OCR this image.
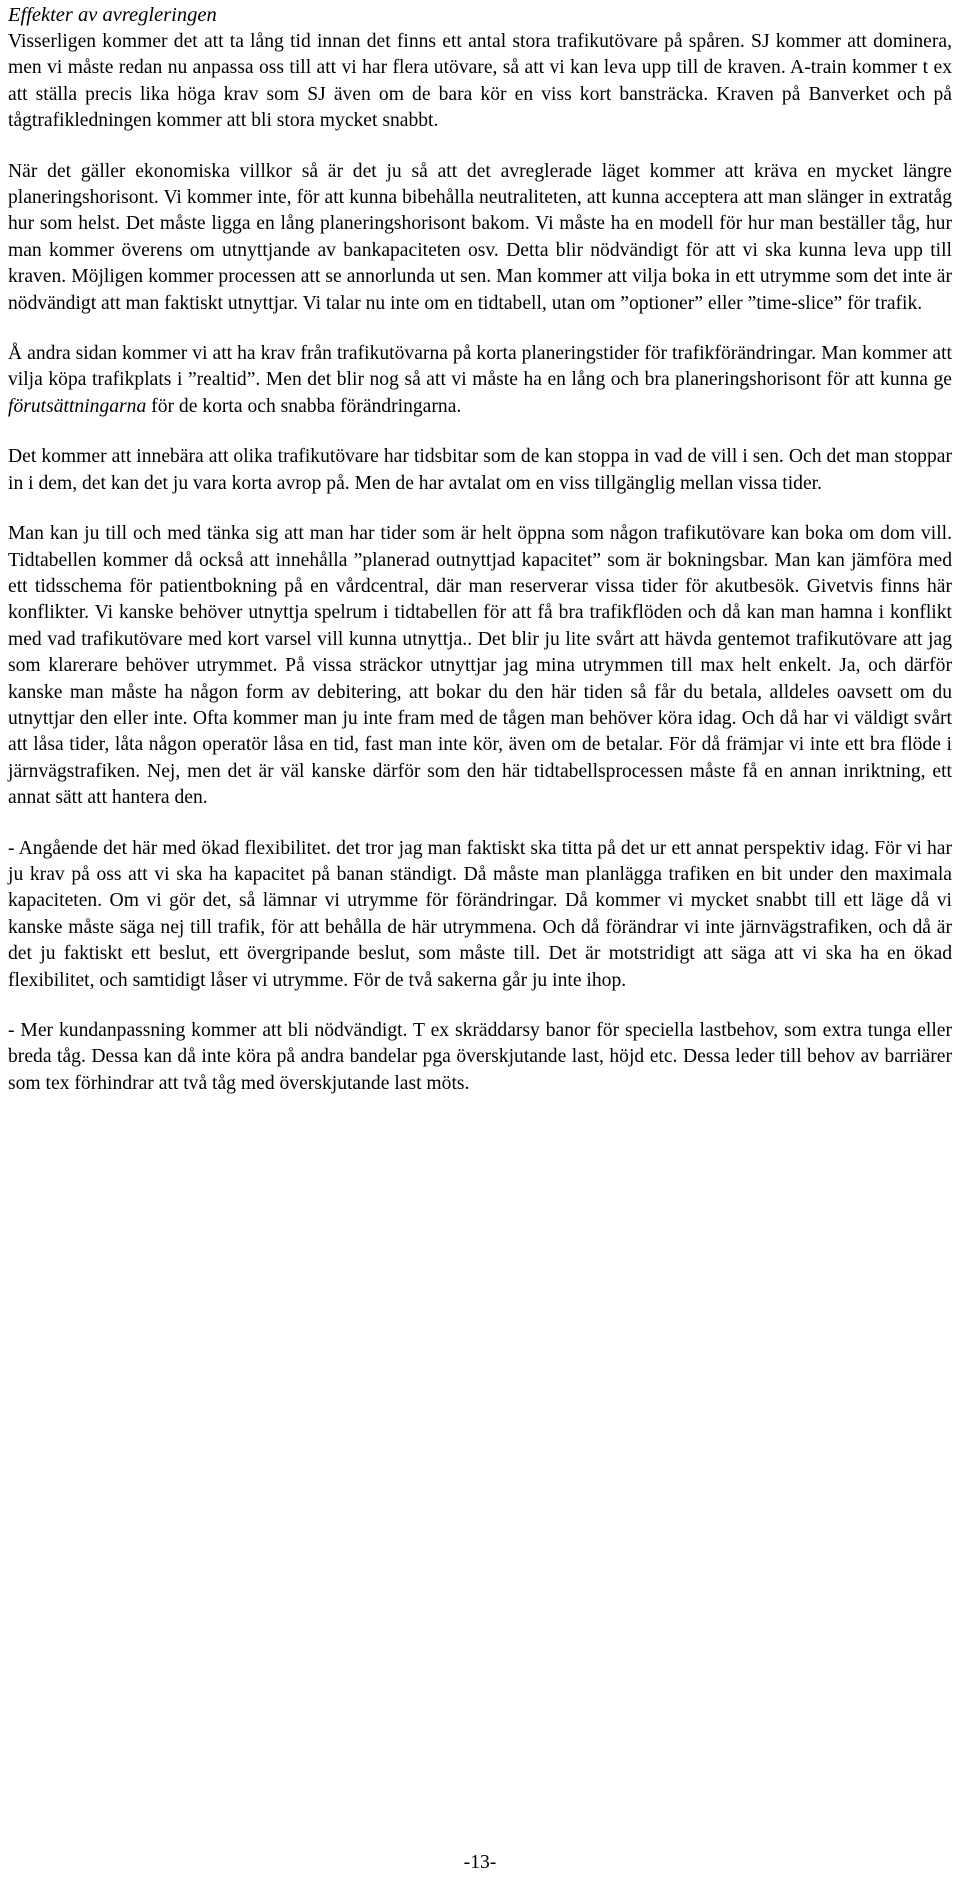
Effekter av avregleringen

Visserligen kommer det att ta lång tid innan det finns ett antal stora trafikutövare på spåren. SJ kommer att dominera, men vi måste redan nu anpassa oss till att vi har flera utövare, så att vi kan leva upp till de kraven. A-train kommer t ex att ställa precis lika höga krav som SJ även om de bara kör en viss kort bansträcka. Kraven på Banverket och på tågtrafikledningen kommer att bli stora mycket snabbt.

När det gäller ekonomiska villkor så är det ju så att det avreglerade läget kommer att kräva en mycket längre planeringshorisont. Vi kommer inte, för att kunna bibehålla neutraliteten, att kunna acceptera att man slänger in extratåg hur som helst. Det måste ligga en lång planeringshorisont bakom. Vi måste ha en modell för hur man beställer tåg, hur man kommer överens om utnyttjande av bankapaciteten osv. Detta blir nödvändigt för att vi ska kunna leva upp till kraven. Möjligen kommer processen att se annorlunda ut sen. Man kommer att vilja boka in ett utrymme som det inte är nödvändigt att man faktiskt utnyttjar. Vi talar nu inte om en tidtabell, utan om ”optioner” eller ”time-slice” för trafik.

Å andra sidan kommer vi att ha krav från trafikutövarna på korta planeringstider för trafikförändringar. Man kommer att vilja köpa trafikplats i ”realtid”. Men det blir nog så att vi måste ha en lång och bra planeringshorisont för att kunna ge förutsättningarna för de korta och snabba förändringarna.

Det kommer att innebära att olika trafikutövare har tidsbitar som de kan stoppa in vad de vill i sen. Och det man stoppar in i dem, det kan det ju vara korta avrop på. Men de har avtalat om en viss tillgänglig mellan vissa tider.

Man kan ju till och med tänka sig att man har tider som är helt öppna som någon trafikutövare kan boka om dom vill. Tidtabellen kommer då också att innehålla ”planerad outnyttjad kapacitet” som är bokningsbar. Man kan jämföra med ett tidsschema för patientbokning på en vårdcentral, där man reserverar vissa tider för akutbesök. Givetvis finns här konflikter. Vi kanske behöver utnyttja spelrum i tidtabellen för att få bra trafikflöden och då kan man hamna i konflikt med vad trafikutövare med kort varsel vill kunna utnyttja.. Det blir ju lite svårt att hävda gentemot trafikutövare att jag som klarerare behöver utrymmet. På vissa sträckor utnyttjar jag mina utrymmen till max helt enkelt. Ja, och därför kanske man måste ha någon form av debitering, att bokar du den här tiden så får du betala, alldeles oavsett om du utnyttjar den eller inte. Ofta kommer man ju inte fram med de tågen man behöver köra idag. Och då har vi väldigt svårt att låsa tider, låta någon operatör låsa en tid, fast man inte kör, även om de betalar. För då främjar vi inte ett bra flöde i järnvägstrafiken. Nej, men det är väl kanske därför som den här tidtabellsprocessen måste få en annan inriktning, ett annat sätt att hantera den.

- Angående det här med ökad flexibilitet. det tror jag man faktiskt ska titta på det ur ett annat perspektiv idag. För vi har ju krav på oss att vi ska ha kapacitet på banan ständigt. Då måste man planlägga trafiken en bit under den maximala kapaciteten. Om vi gör det, så lämnar vi utrymme för förändringar. Då kommer vi mycket snabbt till ett läge då vi kanske måste säga nej till trafik, för att behålla de här utrymmena. Och då förändrar vi inte järnvägstrafiken, och då är det ju faktiskt ett beslut, ett övergripande beslut, som måste till. Det är motstridigt att säga att vi ska ha en ökad flexibilitet, och samtidigt låser vi utrymme. För de två sakerna går ju inte ihop.

- Mer kundanpassning kommer att bli nödvändigt. T ex skräddarsy banor för speciella lastbehov, som extra tunga eller breda tåg. Dessa kan då inte köra på andra bandelar pga överskjutande last, höjd etc. Dessa leder till behov av barriärer som tex förhindrar att två tåg med överskjutande last möts.

-13-
